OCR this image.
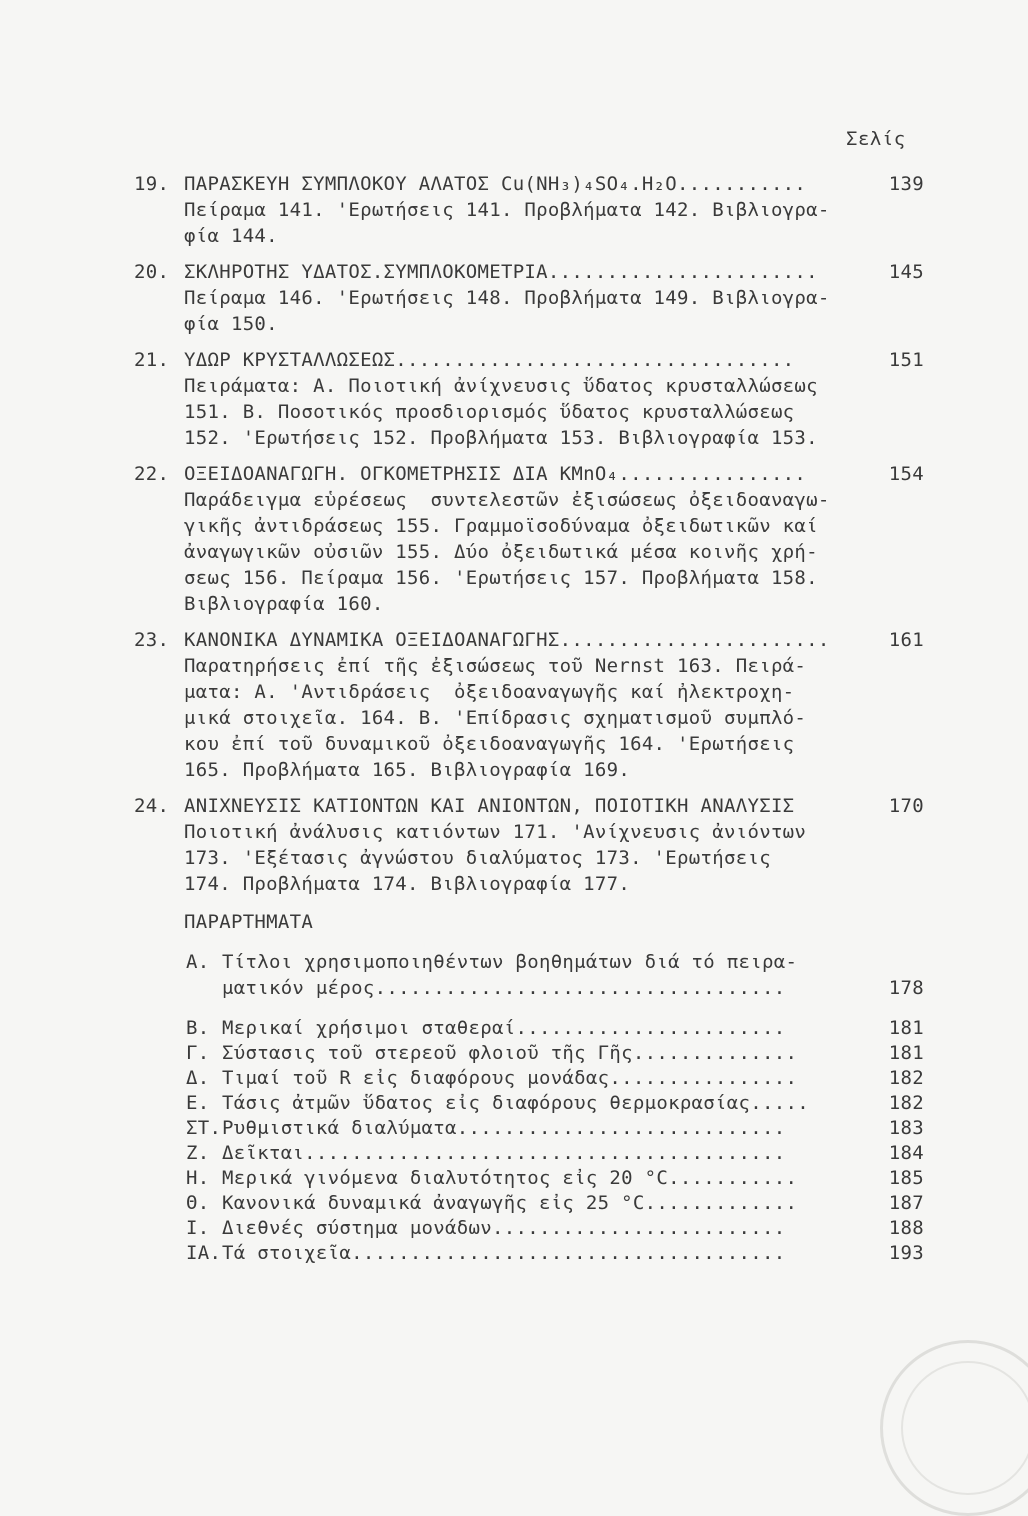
Σελίς
19. ΠΑΡΑΣΚΕΥΗ ΣΥΜΠΛΟΚΟΥ ΑΛΑΤΟΣ Cu(NH₃)₄SO₄.H₂O...........	139
Πείραμα 141. 'Ερωτήσεις 141. Προβλήματα 142. Βιβλιογρα-
φία 144.
20. ΣΚΛΗΡΟΤΗΣ ΥΔΑΤΟΣ.ΣΥΜΠΛΟΚΟΜΕΤΡΙΑ.......................	145
Πείραμα 146. 'Ερωτήσεις 148. Προβλήματα 149. Βιβλιογρα-
φία 150.
21. ΥΔΩΡ ΚΡΥΣΤΑΛΛΩΣΕΩΣ..................................	151
Πειράματα: Α. Ποιοτική ἀνίχνευσις ὕδατος κρυσταλλώσεως
151. Β. Ποσοτικός προσδιορισμός ὕδατος κρυσταλλώσεως
152. 'Ερωτήσεις 152. Προβλήματα 153. Βιβλιογραφία 153.
22. ΟΞΕΙΔΟΑΝΑΓΩΓΗ. ΟΓΚΟΜΕΤΡΗΣΙΣ ΔΙΑ KMnO₄................	154
Παράδειγμα εὑρέσεως  συντελεστῶν ἐξισώσεως ὀξειδοαναγω-
γικῆς ἀντιδράσεως 155. Γραμμοϊσοδύναμα ὀξειδωτικῶν καί
ἀναγωγικῶν οὐσιῶν 155. Δύο ὀξειδωτικά μέσα κοινῆς χρή-
σεως 156. Πείραμα 156. 'Ερωτήσεις 157. Προβλήματα 158.
Βιβλιογραφία 160.
23. ΚΑΝΟΝΙΚΑ ΔΥΝΑΜΙΚΑ ΟΞΕΙΔΟΑΝΑΓΩΓΗΣ.......................	161
Παρατηρήσεις ἐπί τῆς ἐξισώσεως τοῦ Nernst 163. Πειρά-
ματα: Α. 'Αντιδράσεις  ὀξειδοαναγωγῆς καί ἠλεκτροχη-
μικά στοιχεῖα. 164. Β. 'Επίδρασις σχηματισμοῦ συμπλό-
κου ἐπί τοῦ δυναμικοῦ ὀξειδοαναγωγῆς 164. 'Ερωτήσεις
165. Προβλήματα 165. Βιβλιογραφία 169.
24. ΑΝΙΧΝΕΥΣΙΣ ΚΑΤΙΟΝΤΩΝ ΚΑΙ ΑΝΙΟΝΤΩΝ, ΠΟΙΟΤΙΚΗ ΑΝΑΛΥΣΙΣ	170
Ποιοτική ἀνάλυσις κατιόντων 171. 'Ανίχνευσις ἀνιόντων
173. 'Εξέτασις ἀγνώστου διαλύματος 173. 'Ερωτήσεις
174. Προβλήματα 174. Βιβλιογραφία 177.
ΠΑΡΑΡΤΗΜΑΤΑ
Α. Τίτλοι χρησιμοποιηθέντων βοηθημάτων διά τό πειρα-
ματικόν μέρος...................................	178
Β. Μερικαί χρήσιμοι σταθεραί.......................	181
Γ. Σύστασις τοῦ στερεοῦ φλοιοῦ τῆς Γῆς..............	181
Δ. Τιμαί τοῦ R εἰς διαφόρους μονάδας................	182
Ε. Τάσις ἀτμῶν ὕδατος εἰς διαφόρους θερμοκρασίας.....	182
ΣΤ. Ρυθμιστικά διαλύματα............................	183
Ζ. Δεῖκται.........................................	184
Η. Μερικά γινόμενα διαλυτότητος εἰς 20 °C...........	185
Θ. Κανονικά δυναμικά ἀναγωγῆς εἰς 25 °C.............	187
Ι. Διεθνές σύστημα μονάδων.........................	188
ΙΑ. Τά στοιχεῖα.....................................	193
